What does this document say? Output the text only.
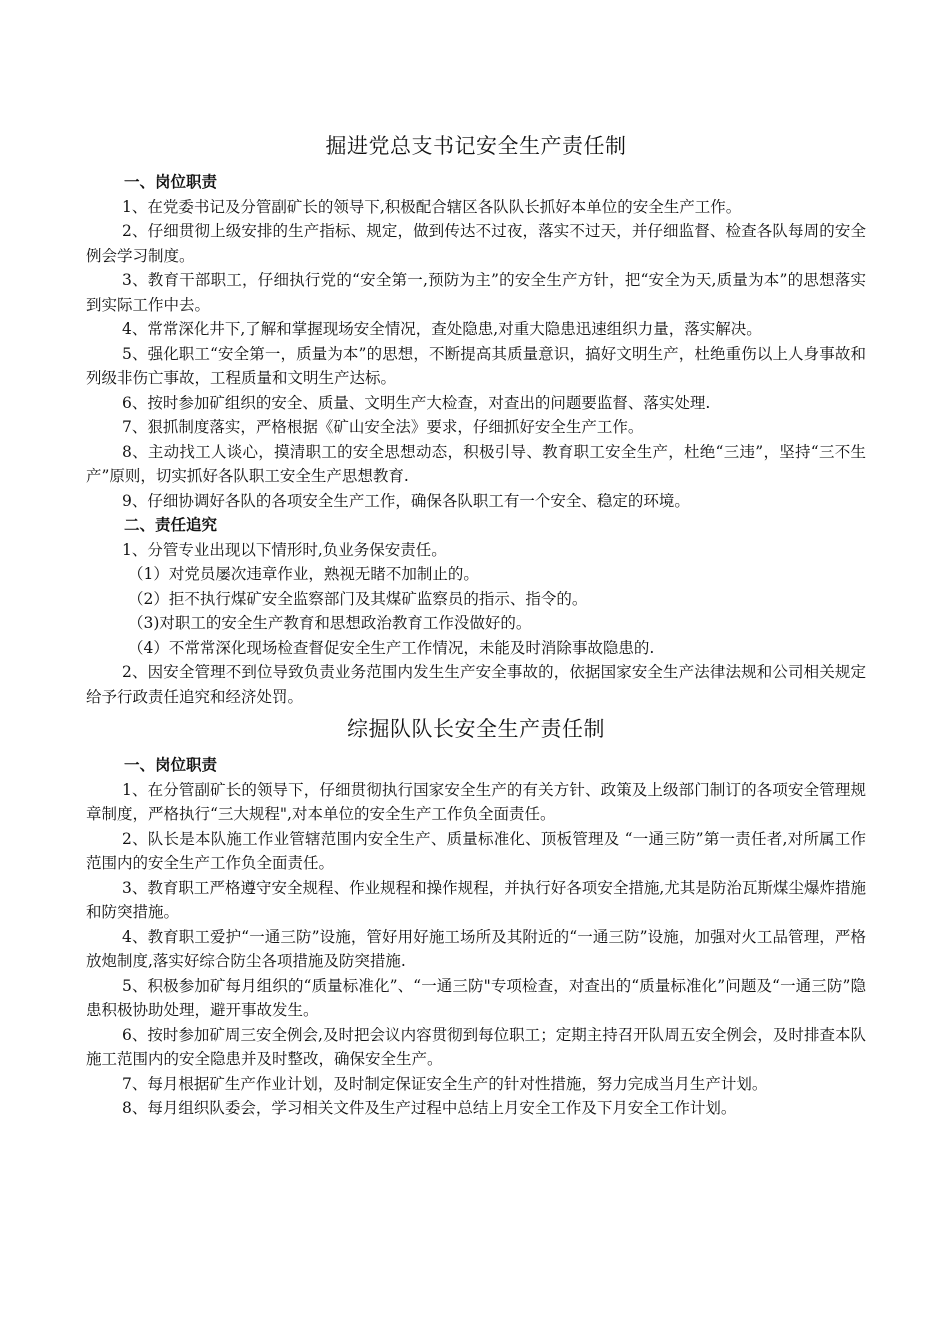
掘进党总支书记安全生产责任制
一、岗位职责

1、在党委书记及分管副矿长的领导下,积极配合辖区各队队长抓好本单位的安全生产工作。

2、仔细贯彻上级安排的生产指标、规定，做到传达不过夜，落实不过天，并仔细监督、检查各队每周的安全例会学习制度。

3、教育干部职工，仔细执行党的“安全第一,预防为主”的安全生产方针，把“安全为天,质量为本”的思想落实到实际工作中去。

4、常常深化井下,了解和掌握现场安全情况，查处隐患,对重大隐患迅速组织力量，落实解决。

5、强化职工“安全第一，质量为本”的思想，不断提高其质量意识，搞好文明生产，杜绝重伤以上人身事故和列级非伤亡事故，工程质量和文明生产达标。

6、按时参加矿组织的安全、质量、文明生产大检查，对查出的问题要监督、落实处理.

7、狠抓制度落实，严格根据《矿山安全法》要求，仔细抓好安全生产工作。

8、主动找工人谈心，摸清职工的安全思想动态，积极引导、教育职工安全生产，杜绝“三违”，坚持“三不生产”原则，切实抓好各队职工安全生产思想教育.

9、仔细协调好各队的各项安全生产工作，确保各队职工有一个安全、稳定的环境。

二、责任追究

1、分管专业出现以下情形时,负业务保安责任。

（1）对党员屡次违章作业，熟视无睹不加制止的。

（2）拒不执行煤矿安全监察部门及其煤矿监察员的指示、指令的。

（3)对职工的安全生产教育和思想政治教育工作没做好的。

（4）不常常深化现场检查督促安全生产工作情况，未能及时消除事故隐患的.

2、因安全管理不到位导致负责业务范围内发生生产安全事故的，依据国家安全生产法律法规和公司相关规定给予行政责任追究和经济处罚。

综掘队队长安全生产责任制
一、岗位职责

1、在分管副矿长的领导下，仔细贯彻执行国家安全生产的有关方针、政策及上级部门制订的各项安全管理规章制度，严格执行“三大规程",对本单位的安全生产工作负全面责任。

2、队长是本队施工作业管辖范围内安全生产、质量标准化、顶板管理及 “一通三防”第一责任者,对所属工作范围内的安全生产工作负全面责任。

3、教育职工严格遵守安全规程、作业规程和操作规程，并执行好各项安全措施,尤其是防治瓦斯煤尘爆炸措施和防突措施。

4、教育职工爱护“一通三防”设施，管好用好施工场所及其附近的“一通三防”设施，加强对火工品管理，严格放炮制度,落实好综合防尘各项措施及防突措施.

5、积极参加矿每月组织的“质量标准化”、“一通三防"专项检查，对查出的“质量标准化”问题及“一通三防”隐患积极协助处理，避开事故发生。

6、按时参加矿周三安全例会,及时把会议内容贯彻到每位职工；定期主持召开队周五安全例会，及时排查本队施工范围内的安全隐患并及时整改，确保安全生产。

7、每月根据矿生产作业计划，及时制定保证安全生产的针对性措施，努力完成当月生产计划。

8、每月组织队委会，学习相关文件及生产过程中总结上月安全工作及下月安全工作计划。
